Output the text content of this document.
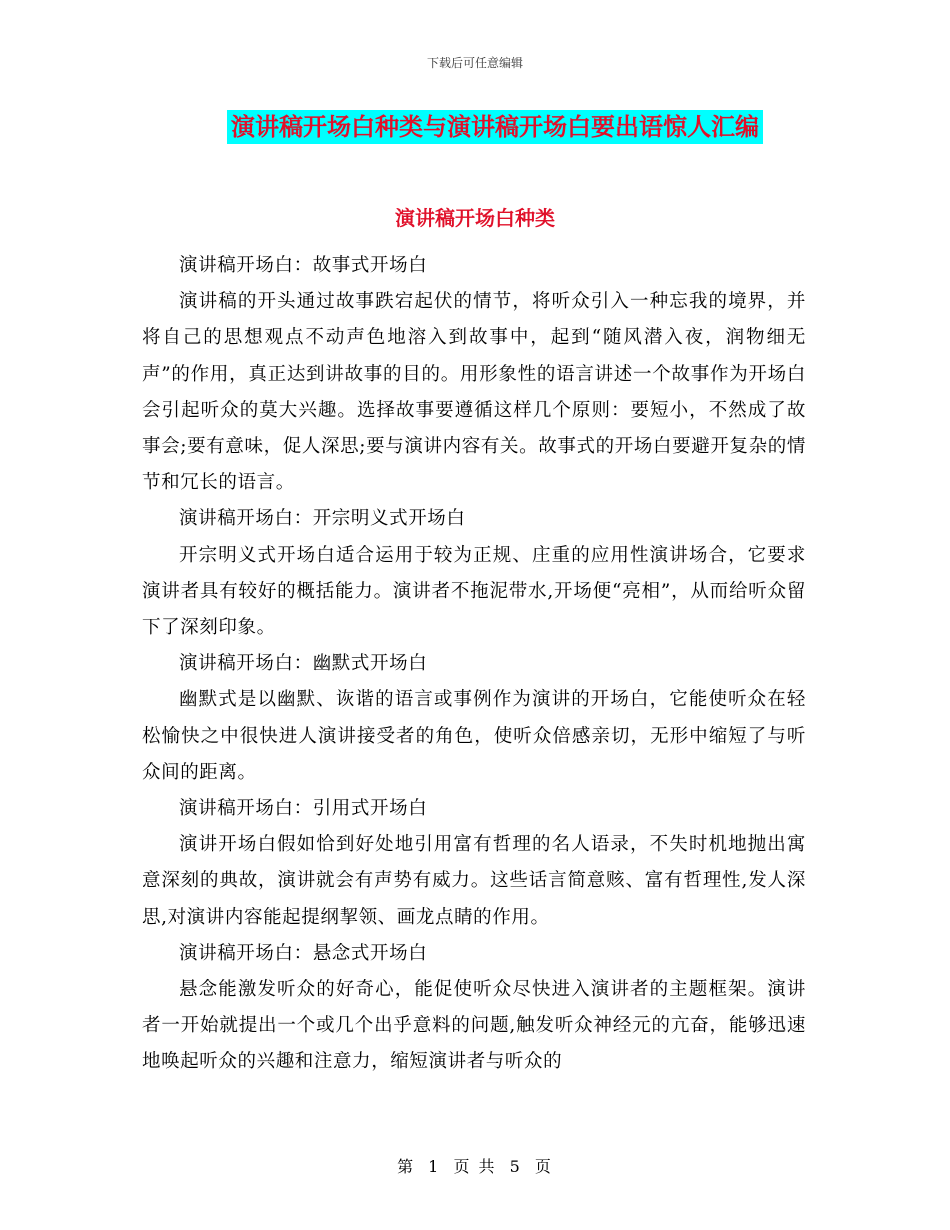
下载后可任意编辑
演讲稿开场白种类与演讲稿开场白要出语惊人汇编
演讲稿开场白种类

演讲稿开场白：故事式开场白

演讲稿的开头通过故事跌宕起伏的情节，将听众引入一种忘我的境界，并将自己的思想观点不动声色地溶入到故事中，起到“随风潜入夜，润物细无声”的作用，真正达到讲故事的目的。用形象性的语言讲述一个故事作为开场白会引起听众的莫大兴趣。选择故事要遵循这样几个原则：要短小，不然成了故事会;要有意味，促人深思;要与演讲内容有关。故事式的开场白要避开复杂的情节和冗长的语言。

演讲稿开场白：开宗明义式开场白

开宗明义式开场白适合运用于较为正规、庄重的应用性演讲场合，它要求演讲者具有较好的概括能力。演讲者不拖泥带水,开场便“亮相”，从而给听众留下了深刻印象。

演讲稿开场白：幽默式开场白

幽默式是以幽默、诙谐的语言或事例作为演讲的开场白，它能使听众在轻松愉快之中很快进人演讲接受者的角色，使听众倍感亲切，无形中缩短了与听众间的距离。

演讲稿开场白：引用式开场白

演讲开场白假如恰到好处地引用富有哲理的名人语录，不失时机地抛出寓意深刻的典故，演讲就会有声势有威力。这些话言简意赅、富有哲理性,发人深思,对演讲内容能起提纲挈领、画龙点睛的作用。

演讲稿开场白：悬念式开场白

悬念能激发听众的好奇心，能促使听众尽快进入演讲者的主题框架。演讲者一开始就提出一个或几个出乎意料的问题,触发听众神经元的亢奋，能够迅速地唤起听众的兴趣和注意力，缩短演讲者与听众的

第 1 页 共 5 页
